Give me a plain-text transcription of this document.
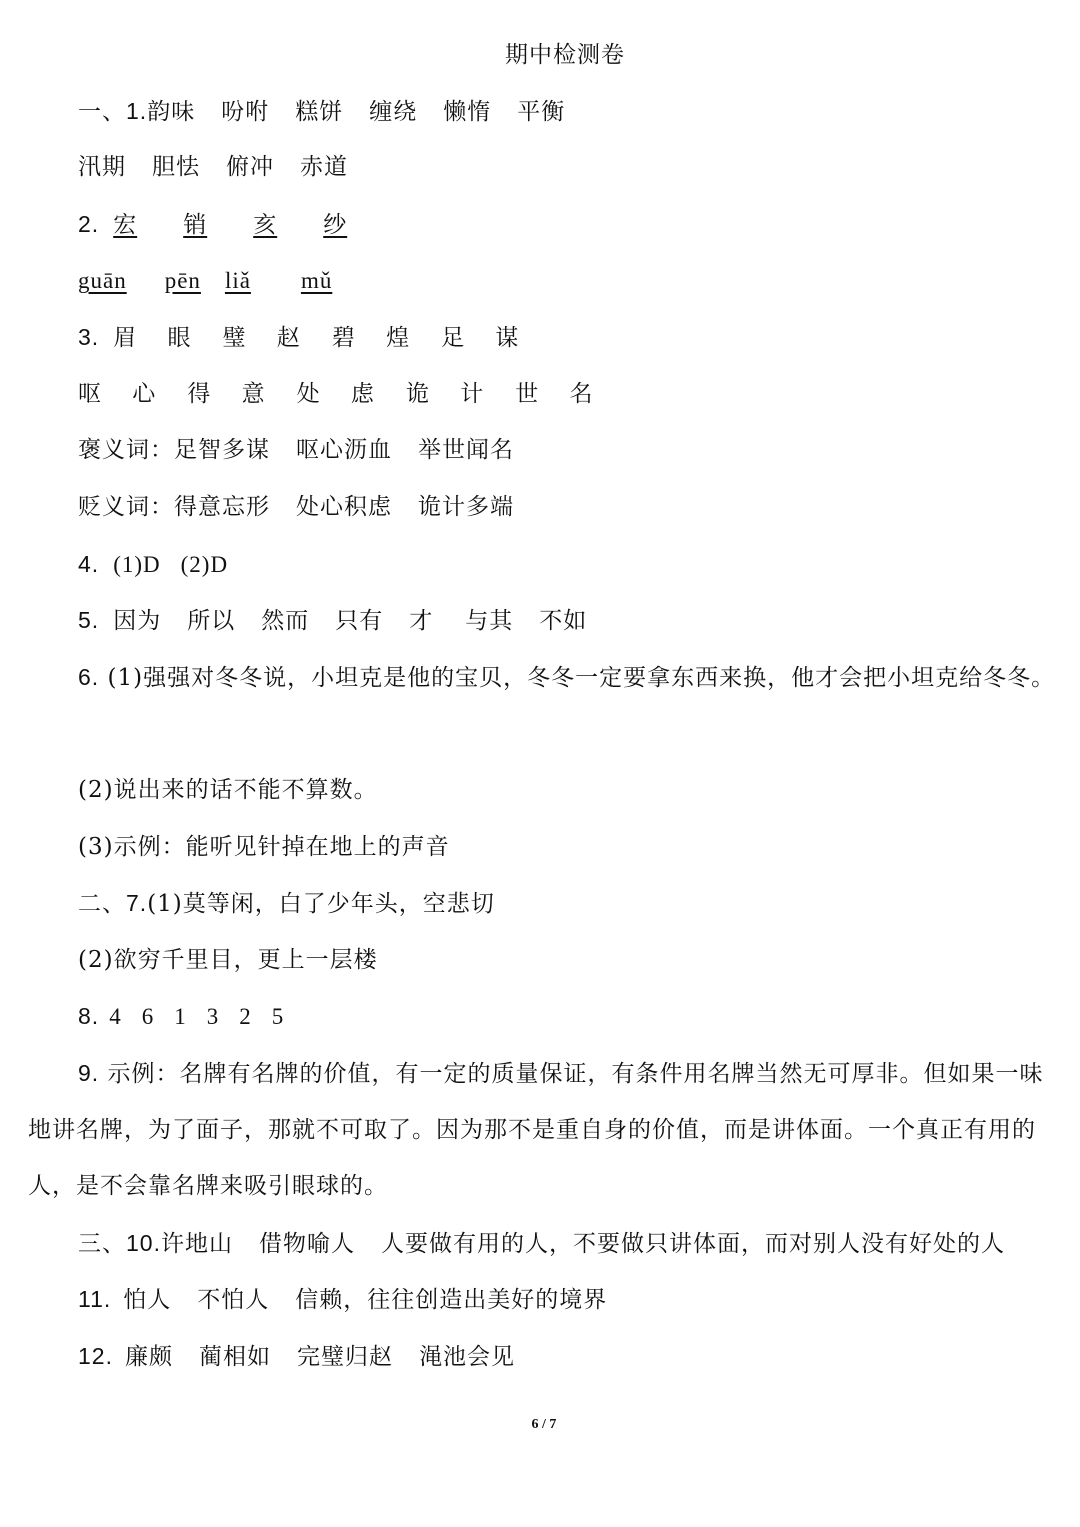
期中检测卷
一、1.韵味 吩咐 糕饼 缠绕 懒惰 平衡
汛期 胆怯 俯冲 赤道
2. 宏 销 亥 纱
guān pēn liǎ mǔ
3. 眉 眼 璧 赵 碧 煌 足 谋
呕 心 得 意 处 虑 诡 计 世 名
褒义词：足智多谋 呕心沥血 举世闻名
贬义词：得意忘形 处心积虑 诡计多端
4. (1)D (2)D
5. 因为 所以 然而 只有 才 与其 不如
6. (1)强强对冬冬说，小坦克是他的宝贝，冬冬一定要拿东西来换，他才会把小坦克给冬冬。
(2)说出来的话不能不算数。
(3)示例：能听见针掉在地上的声音
二、7.(1)莫等闲，白了少年头，空悲切
(2)欲穷千里目，更上一层楼
8. 4 6 1 3 2 5
9. 示例：名牌有名牌的价值，有一定的质量保证，有条件用名牌当然无可厚非。但如果一味地讲名牌，为了面子，那就不可取了。因为那不是重自身的价值，而是讲体面。一个真正有用的人，是不会靠名牌来吸引眼球的。
三、10.许地山 借物喻人 人要做有用的人，不要做只讲体面，而对别人没有好处的人
11. 怕人 不怕人 信赖，往往创造出美好的境界
12. 廉颇 蔺相如 完璧归赵 渑池会见
6 / 7
